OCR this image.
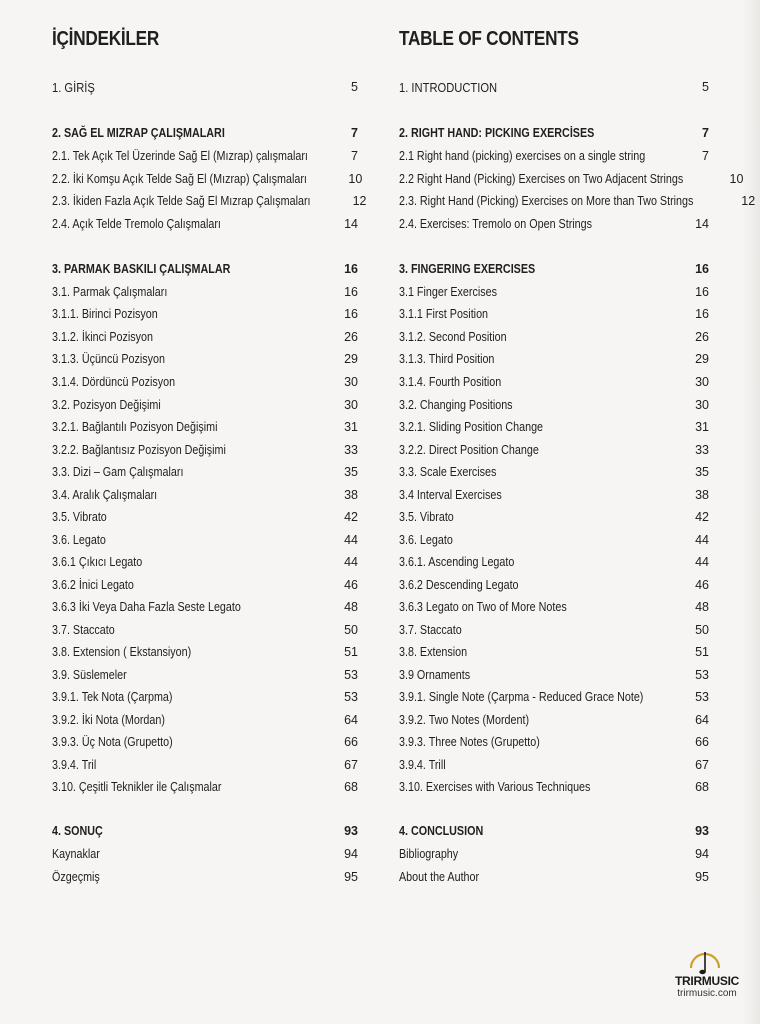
İÇİNDEKİLER
1. GİRİŞ	5
2. SAĞ EL MIZRAP ÇALIŞMALARI	7
2.1. Tek Açık Tel Üzerinde Sağ El (Mızrap) çalışmaları	7
2.2. İki Komşu Açık Telde Sağ El (Mızrap) Çalışmaları	10
2.3. İkiden Fazla Açık Telde Sağ El Mızrap Çalışmaları	12
2.4. Açık Telde Tremolo Çalışmaları	14
3. PARMAK BASKILI ÇALIŞMALAR	16
3.1. Parmak Çalışmaları	16
3.1.1. Birinci Pozisyon	16
3.1.2. İkinci Pozisyon	26
3.1.3. Üçüncü Pozisyon	29
3.1.4. Dördüncü Pozisyon	30
3.2. Pozisyon Değişimi	30
3.2.1. Bağlantılı Pozisyon Değişimi	31
3.2.2. Bağlantısız Pozisyon Değişimi	33
3.3. Dizi – Gam Çalışmaları	35
3.4. Aralık Çalışmaları	38
3.5. Vibrato	42
3.6. Legato	44
3.6.1 Çıkıcı Legato	44
3.6.2 İnici Legato	46
3.6.3 İki Veya Daha Fazla Seste Legato	48
3.7. Staccato	50
3.8. Extension ( Ekstansiyon)	51
3.9. Süslemeler	53
3.9.1. Tek Nota (Çarpma)	53
3.9.2. İki Nota (Mordan)	64
3.9.3. Üç Nota (Grupetto)	66
3.9.4. Tril	67
3.10. Çeşitli Teknikler ile Çalışmalar	68
4. SONUÇ	93
Kaynaklar	94
Özgeçmiş	95
TABLE OF CONTENTS
1. INTRODUCTION	5
2. RIGHT HAND: PICKING EXERCİSES	7
2.1 Right hand (picking) exercises on a single string	7
2.2 Right Hand (Picking) Exercises on Two Adjacent Strings	10
2.3. Right Hand (Picking) Exercises on More than Two Strings	12
2.4. Exercises: Tremolo on Open Strings	14
3. FINGERING EXERCISES	16
3.1 Finger Exercises	16
3.1.1 First Position	16
3.1.2. Second Position	26
3.1.3. Third Position	29
3.1.4. Fourth Position	30
3.2. Changing Positions	30
3.2.1. Sliding Position Change	31
3.2.2. Direct Position Change	33
3.3. Scale Exercises	35
3.4 Interval Exercises	38
3.5. Vibrato	42
3.6. Legato	44
3.6.1. Ascending Legato	44
3.6.2 Descending Legato	46
3.6.3 Legato on Two of More Notes	48
3.7. Staccato	50
3.8. Extension	51
3.9 Ornaments	53
3.9.1. Single Note (Çarpma - Reduced Grace Note)	53
3.9.2. Two Notes (Mordent)	64
3.9.3. Three Notes (Grupetto)	66
3.9.4. Trill	67
3.10. Exercises with Various Techniques	68
4. CONCLUSION	93
Bibliography	94
About the Author	95
TRIRMUSIC
trirmusic.com
